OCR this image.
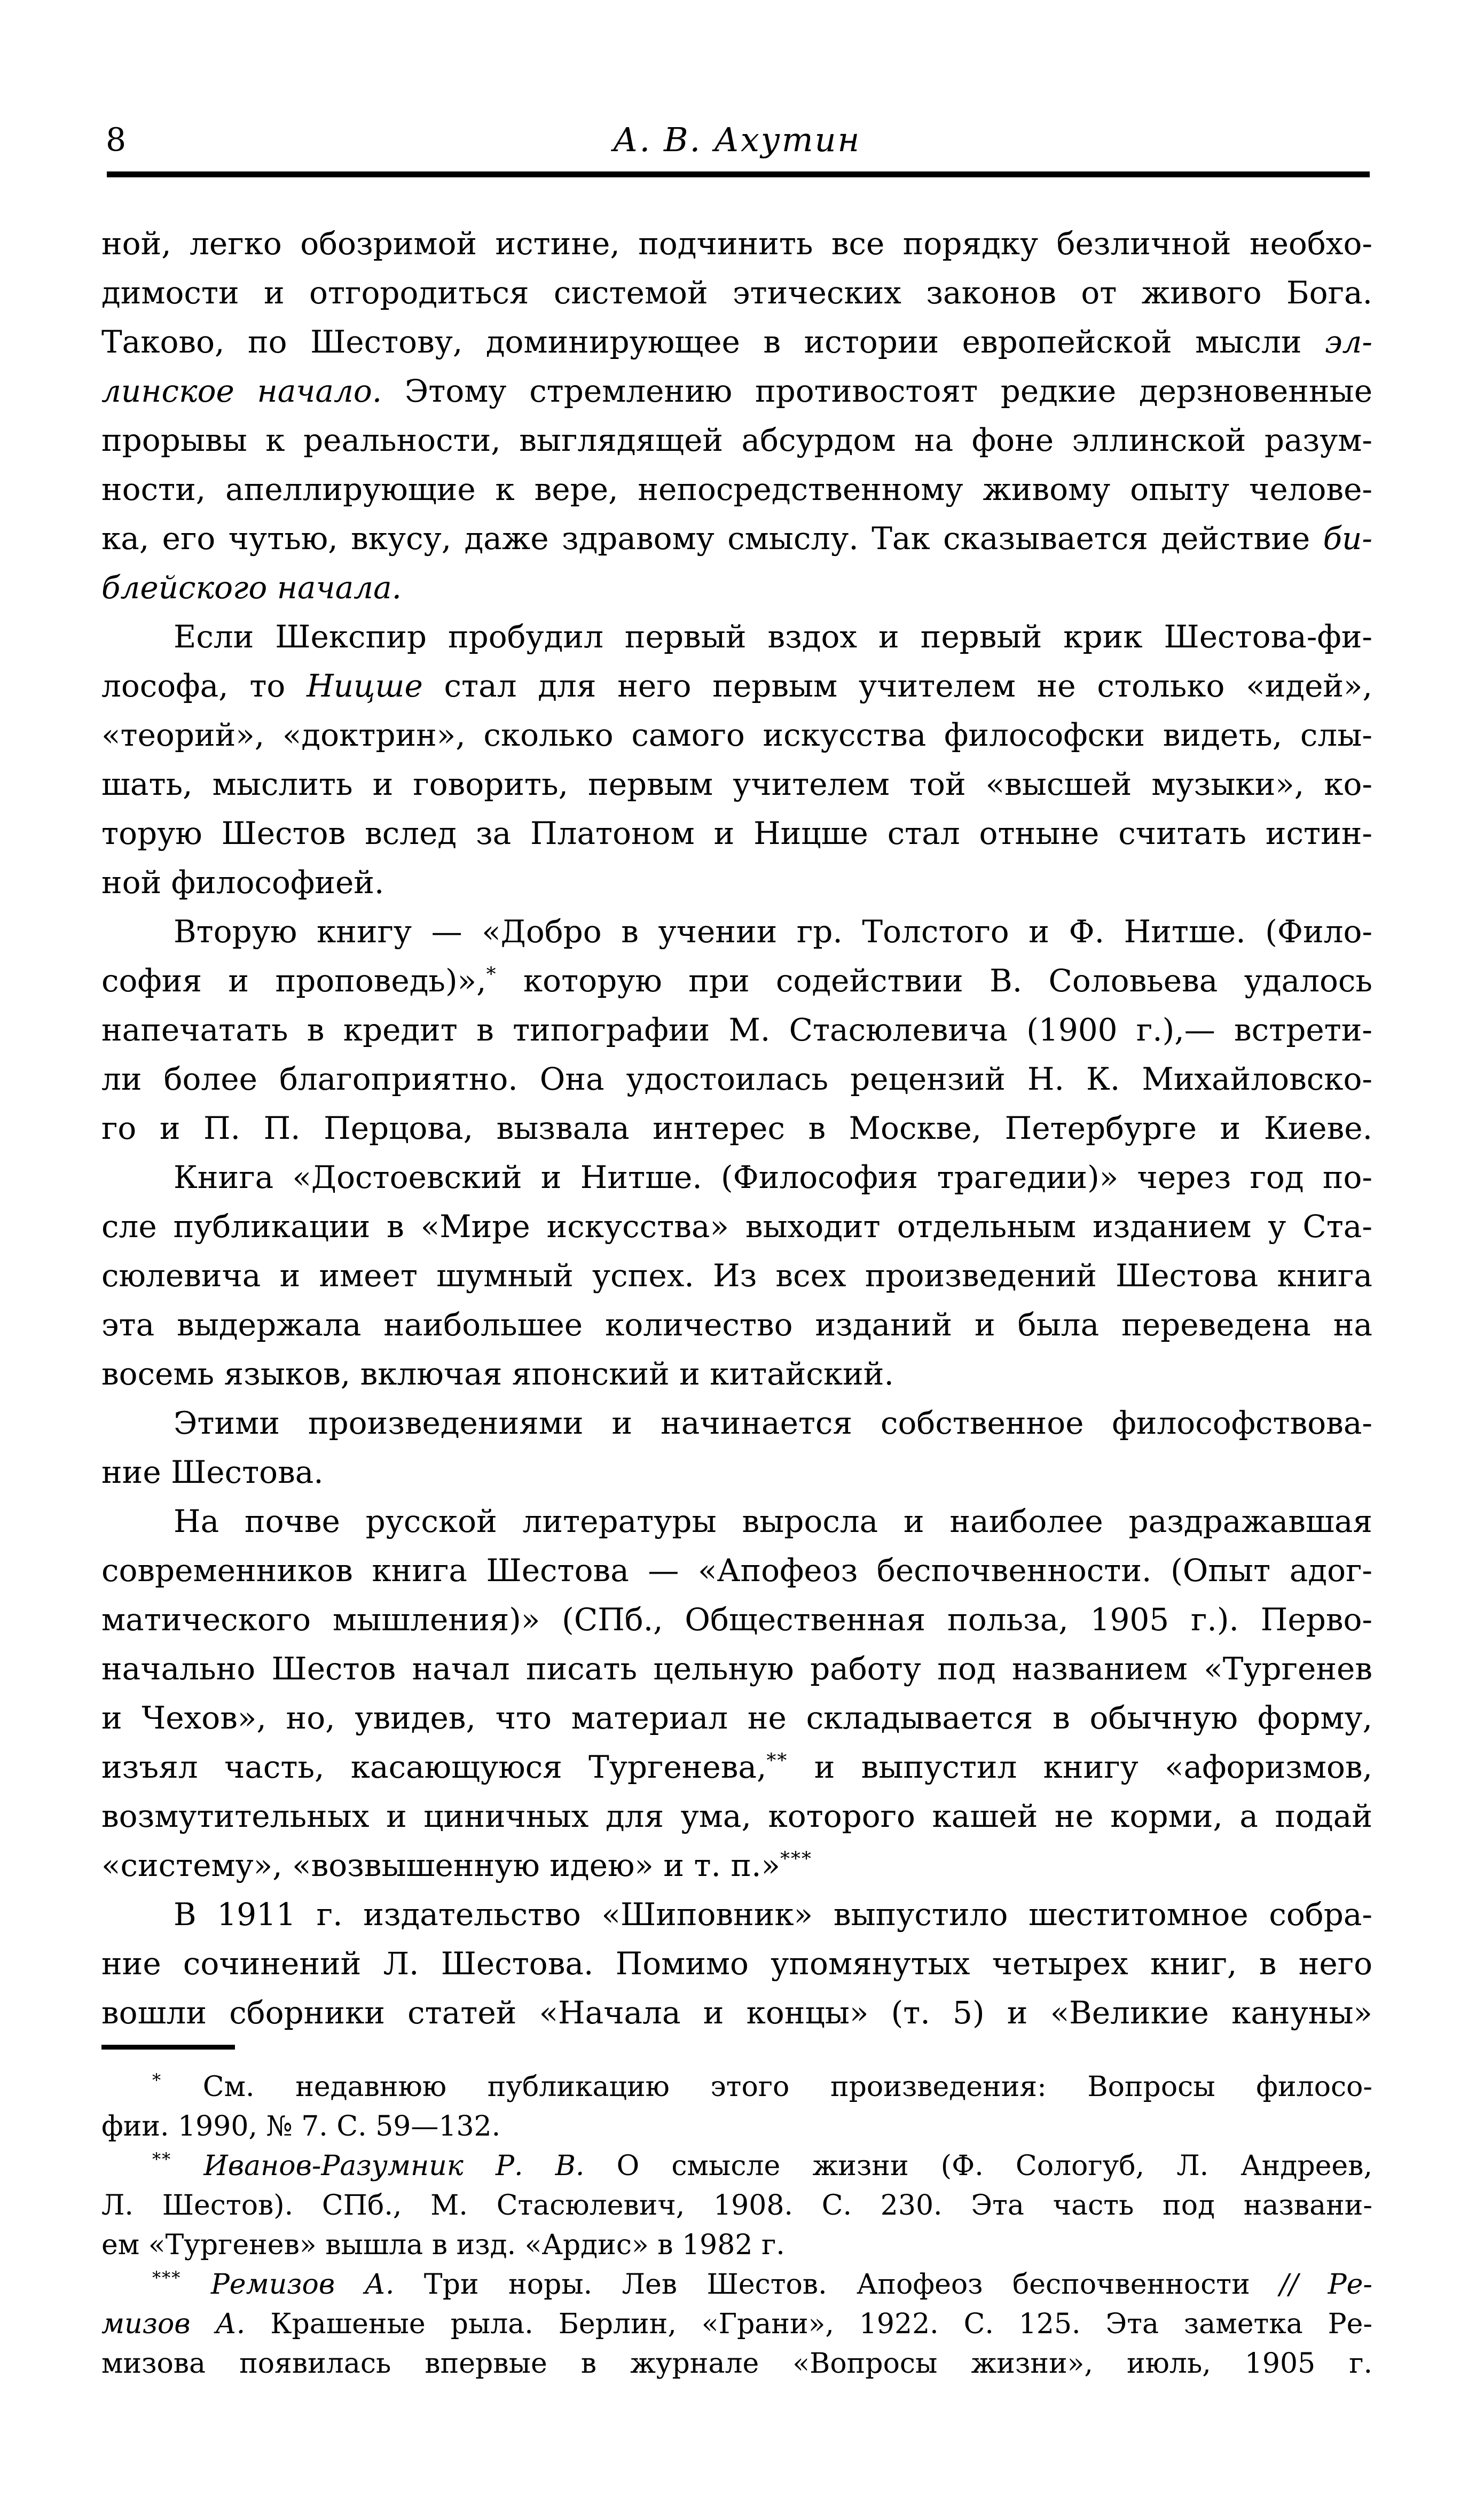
8	А. В. Ахутин
ной, легко обозримой истине, подчинить все порядку безличной необхо-
димости и отгородиться системой этических законов от живого Бога.
Таково, по Шестову, доминирующее в истории европейской мысли эл-
линское начало. Этому стремлению противостоят редкие дерзновенные
прорывы к реальности, выглядящей абсурдом на фоне эллинской разум-
ности, апеллирующие к вере, непосредственному живому опыту челове-
ка, его чутью, вкусу, даже здравому смыслу. Так сказывается действие би-
блейского начала.
Если Шекспир пробудил первый вздох и первый крик Шестова-фи-
лософа, то Ницше стал для него первым учителем не столько «идей»,
«теорий», «доктрин», сколько самого искусства философски видеть, слы-
шать, мыслить и говорить, первым учителем той «высшей музыки», ко-
торую Шестов вслед за Платоном и Ницше стал отныне считать истин-
ной философией.
Вторую книгу — «Добро в учении гр. Толстого и Ф. Нитше. (Фило-
софия и проповедь)»,* которую при содействии В. Соловьева удалось
напечатать в кредит в типографии М. Стасюлевича (1900 г.),— встрети-
ли более благоприятно. Она удостоилась рецензий Н. К. Михайловско-
го и П. П. Перцова, вызвала интерес в Москве, Петербурге и Киеве.
Книга «Достоевский и Нитше. (Философия трагедии)» через год по-
сле публикации в «Мире искусства» выходит отдельным изданием у Ста-
сюлевича и имеет шумный успех. Из всех произведений Шестова книга
эта выдержала наибольшее количество изданий и была переведена на
восемь языков, включая японский и китайский.
Этими произведениями и начинается собственное философствова-
ние Шестова.
На почве русской литературы выросла и наиболее раздражавшая
современников книга Шестова — «Апофеоз беспочвенности. (Опыт адог-
матического мышления)» (СПб., Общественная польза, 1905 г.). Перво-
начально Шестов начал писать цельную работу под названием «Тургенев
и Чехов», но, увидев, что материал не складывается в обычную форму,
изъял часть, касающуюся Тургенева,** и выпустил книгу «афоризмов,
возмутительных и циничных для ума, которого кашей не корми, а подай
«систему», «возвышенную идею» и т. п.»***
В 1911 г. издательство «Шиповник» выпустило шеститомное собра-
ние сочинений Л. Шестова. Помимо упомянутых четырех книг, в него
вошли сборники статей «Начала и концы» (т. 5) и «Великие кануны»
* См. недавнюю публикацию этого произведения: Вопросы филосо-
фии. 1990, № 7. С. 59—132.
** Иванов-Разумник Р. В. О смысле жизни (Ф. Сологуб, Л. Андреев,
Л. Шестов). СПб., М. Стасюлевич, 1908. С. 230. Эта часть под названи-
ем «Тургенев» вышла в изд. «Ардис» в 1982 г.
*** Ремизов А. Три норы. Лев Шестов. Апофеоз беспочвенности // Ре-
мизов А. Крашеные рыла. Берлин, «Грани», 1922. С. 125. Эта заметка Ре-
мизова появилась впервые в журнале «Вопросы жизни», июль, 1905 г.
